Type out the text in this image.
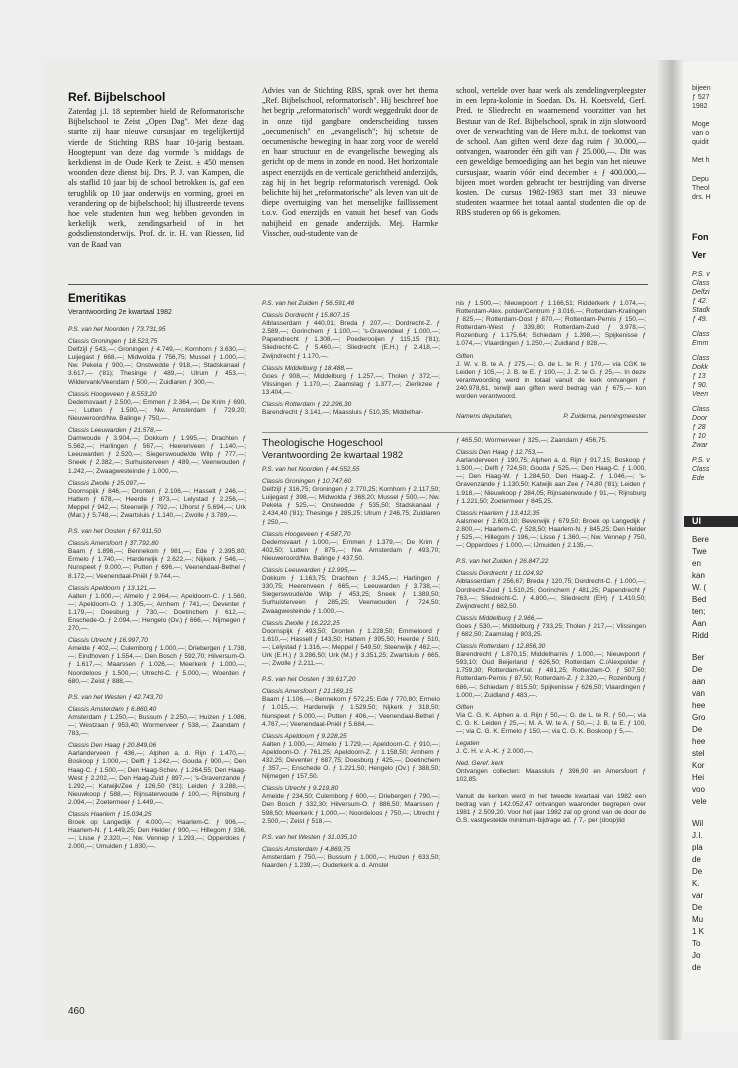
Ref. Bijbelschool
Zaterdag j.l. 18 september hield de Reformatorische Bijbelschool te Zeist „Open Dag". Met deze dag startte zij haar nieuwe cursusjaar en tegelijkertijd vierde de Stichting RBS haar 10-jarig bestaan. Hoogtepunt van deze dag vormde 's middags de kerkdienst in de Oude Kerk te Zeist. ± 450 mensen woonden deze dienst bij. Drs. P. J. van Kampen, die als staflid 10 jaar bij de school betrokken is, gaf een terugblik op 10 jaar onderwijs en vorming, groei en verandering op de bijbelschool; hij illustreerde tevens hoe vele studenten hun weg hebben gevonden in kerkelijk werk, zendingsarbeid of in het godsdienstonderwijs. Prof. dr. ir. H. van Riessen, lid van de Raad van
Advies van de Stichting RBS, sprak over het thema „Ref. Bijbelschool, reformatorisch". Hij beschreef hoe het begrip „reformatorisch" wordt weggedrukt door de in onze tijd gangbare onderscheiding tussen „oecumenisch" en „evangelisch"; hij schetste de oecumenische beweging in haar zorg voor de wereld en haar structuur en de evangelische beweging als gericht op de mens in zonde en nood. Het horizontale aspect enerzijds en de verticale gerichtheid anderzijds, zag hij in het begrip reformatorisch verenigd. Ook belichtte hij het „reformatorische" als leven van uit de diepe overtuiging van het menselijke faillissement t.o.v. God enerzijds en vanuit het besef van Gods nabijheid en genade anderzijds. Mej. Harmke Visscher, oud-studente van de
school, vertelde over haar werk als zendelingverpleegster in een lepra-kolonie in Soedan. Ds. H. Koetsveld, Gerf. Pred. te Sliedrecht en waarnemend voorzitter van het Bestuur van de Ref. Bijbelschool, sprak in zijn slotwoord over de verwachting van de Here m.b.t. de toekomst van de school. Aan giften werd deze dag ruim ƒ 30.000,— ontvangen, waaronder één gift van ƒ 25.000,—. Dit was een geweldige bemoediging aan het begin van het nieuwe cursusjaar, waarin vóór eind december ± ƒ 400.000,— bijeen moet worden gebracht ter bestrijding van diverse kosten. De cursus 1982-1983 start met 33 nieuwe studenten waarmee het totaal aantal studenten die op de RBS studeren op 66 is gekomen.
Emeritikas
Verantwoording 2e kwartaal 1982
P.S. van het Noorden ƒ 73.731,95
Classis Groningen ƒ 18.523,75
Delfzijl ƒ 543,—; Groningen ƒ 4.749,—; Kornhorn ƒ 3.630,—; Luijegast ƒ 668,—; Midwolda ƒ 756,75; Mussel ƒ 1.000,—; Nw. Pekela ƒ 900,—; Onstwedde ƒ 918,—; Stadskanaal ƒ 3.617,— ('81); Thesinge ƒ 489,—; Ulrum ƒ 453,—; Wildervank/Veendam ƒ 500,—; Zuidlaren ƒ 300,—.
Classis Hoogeveen ƒ 8.553,20
Dedemsvaart ƒ 2.500,—; Emmen ƒ 2.364,—; De Krim ƒ 690,—; Lutten ƒ 1.500,—; Nw. Amsterdam ƒ 729,20; Nieuweroord/Nw. Balinge ƒ 750,—.
Classis Leeuwarden ƒ 21.578,—
Damwoude ƒ 3.904,—; Dokkum ƒ 1.995,—; Drachten ƒ 5.562,—; Harlingen ƒ 567,—; Heerenveen ƒ 1.140,—; Leeuwarden ƒ 2.520,—; Siegerswoude/de Wilp ƒ 777,—; Sneek ƒ 2.382,—; Surhuisterveen ƒ 489,—; Veenwouden ƒ 1.242,—; Zwaagwesteinde ƒ 1.000,—.
Classis Zwolle ƒ 25.097,—
Doornspijk ƒ 846,—; Dronten ƒ 2.106,—; Hasselt ƒ 246,—; Hattem ƒ 678,—; Heerde ƒ 873,—; Lelystad ƒ 2.256,—; Meppel ƒ 942,—; Steenwijk ƒ 792,—; IJhorst ƒ 5.694,—; Urk (Mar.) ƒ 5.748,—; Zwartsluis ƒ 1.140,—; Zwolle ƒ 3.789,—.
P.S. van het Oosten ƒ 67.911,50
Classis Amersfoort ƒ 37.792,80
Baarn ƒ 1.896,—; Bennekom ƒ 981,—; Ede ƒ 2.395,80; Ermelo ƒ 1.740,—; Harderwijk ƒ 2.622,—; Nijkerk ƒ 546,—; Nunspeet ƒ 9.000,—; Putten ƒ 696,—; Veenendaal-Bethel ƒ 8.172,—; Veenendaal-Pniël ƒ 9.744,—.
Classis Apeldoorn ƒ 13.121,—
Aalten ƒ 1.000,—; Almelo ƒ 2.964,—; Apeldoorn-C. ƒ 1.560,—; Apeldoorn-O. ƒ 1.305,—; Arnhem ƒ 741,—; Deventer ƒ 1.179,—; Doesburg ƒ 730,—; Doetinchem ƒ 612,—; Enschede-O. ƒ 2.094,—; Hengelo (Ov.) ƒ 666,—; Nijmegen ƒ 270,—.
Classis Utrecht ƒ 16.997,70
Ameide ƒ 402,—; Culemborg ƒ 1.000,—; Driebergen ƒ 1.738,—; Eindhoven ƒ 1.554,—; Den Bosch ƒ 592,70; Hilversum-O. ƒ 1.617,—; Maarssen ƒ 1.026,—; Meerkerk ƒ 1.000,—; Noordeloos ƒ 1.500,—; Utrecht-C. ƒ 5.000,—; Woerden ƒ 680,—; Zeist ƒ 888,—.
P.S. van het Westen ƒ 42.743,70
Classis Amsterdam ƒ 6.860,40
Amsterdam ƒ 1.250,—; Bussum ƒ 2.250,—; Huizen ƒ 1.086,—; Westzaan ƒ 953,40; Wormerveer ƒ 538,—; Zaandam ƒ 783,—.
Classis Den Haag ƒ 20.849,06
Aarlanderveen ƒ 436,—; Alphen a. d. Rijn ƒ 1.470,—; Boskoop ƒ 1.000,—; Delft ƒ 1.242,—; Gouda ƒ 900,—; Den Haag-C. ƒ 1.500,—; Den Haag-Schev. ƒ 1.264,55; Den Haag-West ƒ 2.202,—; Den Haag-Zuid ƒ 897,—; 's-Gravenzande ƒ 1.292,—; Katwijk/Zee ƒ 126,50 ('81); Leiden ƒ 3.288,—; Nieuwkoop ƒ 588,—; Rijnsaterwoude ƒ 100,—; Rijnsburg ƒ 2.094,—; Zoetermeer ƒ 1.449,—.
Classis Haarlem ƒ 15.034,25
Broek op Langedijk ƒ 4.000,—; Haarlem-C. ƒ 906,—; Haarlem-N. ƒ 1.449,25; Den Helder ƒ 900,—; Hillegom ƒ 336,—; Lisse ƒ 2.320,—; Nw. Vennep ƒ 1.293,—; Opperdoes ƒ 2.000,—; Umuiden ƒ 1.830,—.
P.S. van het Zuiden ƒ 56.591,46
Classis Dordrecht ƒ 15.807,15
Alblasserdam ƒ 440,01; Breda ƒ 207,—; Dordrecht-Z. ƒ 2.589,—; Gorinchem ƒ 1.100,—; 's-Gravendeel ƒ 1.000,—; Papendrecht ƒ 1.308,—; Poederooijen ƒ 115,15 ('81); Sliedrecht-C. ƒ 5.460,—; Sliedrecht (E.H.) ƒ 2.418,—; Zwijndrecht ƒ 1.170,—.
Classis Middelburg ƒ 18.488,—
Goes ƒ 908,—; Middelburg ƒ 1.257,—; Tholen ƒ 372,—; Vlissingen ƒ 1.170,—; Zaamslag ƒ 1.377,—; Zierikzee ƒ 13.404,—.
Classis Rotterdam ƒ 22.296,30
Barendrecht ƒ 3.141,—; Maassluis ƒ 510,35; Middelhar-
nis ƒ 1.500,—; Nieuwpoort ƒ 1.166,51; Ridderkerk ƒ 1.074,—; Rotterdam-Alex. polder/Centrum ƒ 3.016,—; Rotterdam-Kralingen ƒ 825,—; Rotterdam-Oost ƒ 870,—; Rotterdam-Pernis ƒ 150,—; Rotterdam-West ƒ 339,80; Rotterdam-Zuid ƒ 3.978,—; Rozenburg ƒ 1.175,64; Schiedam ƒ 1.398,—; Spijkenisse ƒ 1.074,—; Vlaardingen ƒ 1.250,—; Zuidland ƒ 828,—.
Giften
J. W. v. B. te A. ƒ 275,—; G. de L. te R. ƒ 170,— via CGK te Leiden ƒ 105,—; J. B. te E. ƒ 100,—; J. Z. te G. ƒ 25,—. In deze verantwoording werd in totaal vanuit de kerk ontvangen ƒ 240.978,61, terwijl aan giften werd bedrag van ƒ 675,— kon worden verantwoord.
Namens deputaten,	P. Zuidema, penningmeester
Theologische Hogeschool
Verantwoording 2e kwartaal 1982
P.S. van het Noorden ƒ 44.552,55
Classis Groningen ƒ 10.747,60
Delfzijl ƒ 316,75; Groningen ƒ 2.770,25; Kornhorn ƒ 2.117,50; Luijegast ƒ 398,—; Midwolda ƒ 368,20; Mussel ƒ 500,—; Nw. Pekela ƒ 525,—; Onstwedde ƒ 535,50; Stadskanaal ƒ 2.434,40 ('81); Thesinge ƒ 285,25; Ulrum ƒ 246,75; Zuidlaren ƒ 250,—.
Classis Hoogeveen ƒ 4.587,70
Dedemsvaart ƒ 1.000,—; Emmen ƒ 1.379,—; De Krim ƒ 402,50; Lutten ƒ 875,—; Nw. Amsterdam ƒ 493,70; Nieuweroord/Nw. Balinge ƒ 437,50.
Classis Leeuwarden ƒ 12.995,—
Dokkum ƒ 1.163,75; Drachten ƒ 3.245,—; Harlingen ƒ 330,75; Heerenveen ƒ 665,—; Leeuwarden ƒ 3.738,—; Siegerswoude/de Wilp ƒ 453,25; Sneek ƒ 1.389,50; Surhuisterveen ƒ 285,25; Veenwouden ƒ 724,50; Zwaagwesteinde ƒ 1.000,—.
Classis Zwolle ƒ 16.222,25
Doornspijk ƒ 493,50; Dronten ƒ 1.228,50; Emmeloord ƒ 1.610,—; Hasselt ƒ 143,50; Hattem ƒ 395,50; Heerde ƒ 510,—; Lelystad ƒ 1.316,—; Meppel ƒ 549,50; Steenwijk ƒ 462,—; Urk (E.H.) ƒ 3.286,50; Urk (M.) ƒ 3.351,25; Zwartsluis ƒ 665,—; Zwolle ƒ 2.211,—.
P.S. van het Oosten ƒ 39.617,20
Classis Amersfoort ƒ 21.169,15
Baarn ƒ 1.106,—; Bennekom ƒ 572,25; Ede ƒ 770,80; Ermelo ƒ 1.015,—; Harderwijk ƒ 1.529,50; Nijkerk ƒ 318,50; Nunspeet ƒ 5.000,—; Putten ƒ 406,—; Veenendaal-Bethel ƒ 4.767,—; Veenendaal-Pniël ƒ 5.684,—.
Classis Apeldoorn ƒ 9.228,25
Aalten ƒ 1.000,—; Almelo ƒ 1.729,—; Apeldoorn-C. ƒ 910,—; Apeldoorn-O. ƒ 761,25; Apeldoorn-Z. ƒ 1.158,50; Arnhem ƒ 432,25; Deventer ƒ 687,75; Doesburg ƒ 425,—; Doetinchem ƒ 357,—; Enschede O. ƒ 1.221,50; Hengelo (Ov.) ƒ 388,50; Nijmegen ƒ 157,50.
Classis Utrecht ƒ 9.219,80
Ameide ƒ 234,50; Culemborg ƒ 600,—; Driebergen ƒ 790,—; Den Bosch ƒ 332,30; Hilversum-O. ƒ 886,50; Maarssen ƒ 598,50; Meerkerk ƒ 1.000,—; Noordeloos ƒ 750,—; Utrecht ƒ 2.500,—; Zeist ƒ 518,—.
P.S. van het Westen ƒ 31.035,10
Classis Amsterdam ƒ 4.869,75
Amsterdam ƒ 750,—; Bussum ƒ 1.000,—; Huizen ƒ 633,50; Naarden ƒ 1.239,—; Ouderkerk a. d. Amstel
ƒ 465,50; Wormerveer ƒ 325,—; Zaandam ƒ 456,75.
Classis Den Haag ƒ 12.753,—
Aarlanderveen ƒ 190,75; Alphen a. d. Rijn ƒ 917,15; Boskoop ƒ 1.500,—; Delft ƒ 724,50; Gouda ƒ 525,—; Den Haag-C. ƒ 1.000,—; Den Haag-W. ƒ 1.284,50; Den Haag-Z. ƒ 1.046,—; 's-Gravenzande ƒ 1.130,50; Katwijk aan Zee ƒ 74,80 ('81); Leiden ƒ 1.918,—; Nieuwkoop ƒ 284,05; Rijnsaterwoude ƒ 91,—; Rijnsburg ƒ 1.221,50; Zoetermeer ƒ 845,25.
Classis Haarlem ƒ 13.412,35
Aalsmeer ƒ 2.603,10; Beverwijk ƒ 679,50; Broek op Langedijk ƒ 2.800,—; Haarlem-C. ƒ 528,50; Haarlem-N. ƒ 845,25; Den Helder ƒ 525,—; Hillegom ƒ 196,—; Lisse ƒ 1.360,—; Nw. Vennep ƒ 750,—; Opperdoes ƒ 1.000,—; IJmuiden ƒ 2.135,—.
P.S. van het Zuiden ƒ 26.847,22
Classis Dordrecht ƒ 11.024,92
Alblasserdam ƒ 256,67; Breda ƒ 120,75; Dordrecht-C. ƒ 1.000,—; Dordrecht-Zuid ƒ 1.510,25; Gorinchem ƒ 481,25; Papendrecht ƒ 763,—; Sliedrecht-C. ƒ 4.800,—; Sliedrecht (EH) ƒ 1.410,50; Zwijndrecht ƒ 682,50.
Classis Middelburg ƒ 2.966,—
Goes ƒ 530,—; Middelburg ƒ 733,25; Tholen ƒ 217,—; Vlissingen ƒ 682,50; Zaamslag ƒ 803,25.
Classis Rotterdam ƒ 12.856,30
Barendrecht ƒ 1.870,15; Middelharnis ƒ 1.000,—; Nieuwpoort ƒ 593,10; Oud Beijerland ƒ 626,50; Rotterdam C./Alexpolder ƒ 1.759,30; Rotterdam-Kral. ƒ 481,25; Rotterdam-O. ƒ 507,50; Rotterdam-Pernis ƒ 87,50; Rotterdam-Z. ƒ 2.320,—; Rozenburg ƒ 686,—; Schiedam ƒ 815,50; Spijkenisse ƒ 626,50; Vlaardingen ƒ 1.000,—; Zuidland ƒ 483,—.
Giften
Via C. G. K. Alphen a. d. Rijn ƒ 50,—; G. de L. te R. ƒ 50,—; via C. G. K. Leiden ƒ 25,—; M. A. W. te A. ƒ 50,—; J. B. te E. ƒ 100,—; via C. G. K. Ermelo ƒ 150,—; via C. G. K. Boskoop ƒ 5,—.
Legaten
J. C. H. v. A.-K. ƒ 2.000,—.
Ned. Geref. kerk
Ontvangen collecten: Maassluis ƒ 396,90 en Amersfoort ƒ 102,85.
Vanuit de kerken werd in het tweede kwartaal van 1982 een bedrag van ƒ 142.052,47 ontvangen waaronder begrepen over 1981 ƒ 2.509,20. Voor het jaar 1982 zal op grond van de door de G.S. vastgestelde minimum-bijdrage ad. ƒ 7,- per (doop)lid
460
bijeen
ƒ 527
1982
Moge
van o
quidit
Met h
Depu
Theol
drs. H
Fon
Ver
P.S. v
Class
Delfzi
ƒ 42.
Stadk
ƒ 49.
Class
Emm
Class
Dokk
ƒ 13
ƒ 90.
Veen
Class
Door
ƒ 28
ƒ 10
Zwar
P.S. v
Class
Ede
Ul
Bere
Twe
en
kan
W. (
Bed
ten;
Aan
Ridd
Ber
De
aan
van
hee
Gro
De
hee
stel
Kor
Hei
voo
vele
Wil
J.I.
pla
de
De
K.
var
De
Mu
1 K
To
Jo
de
